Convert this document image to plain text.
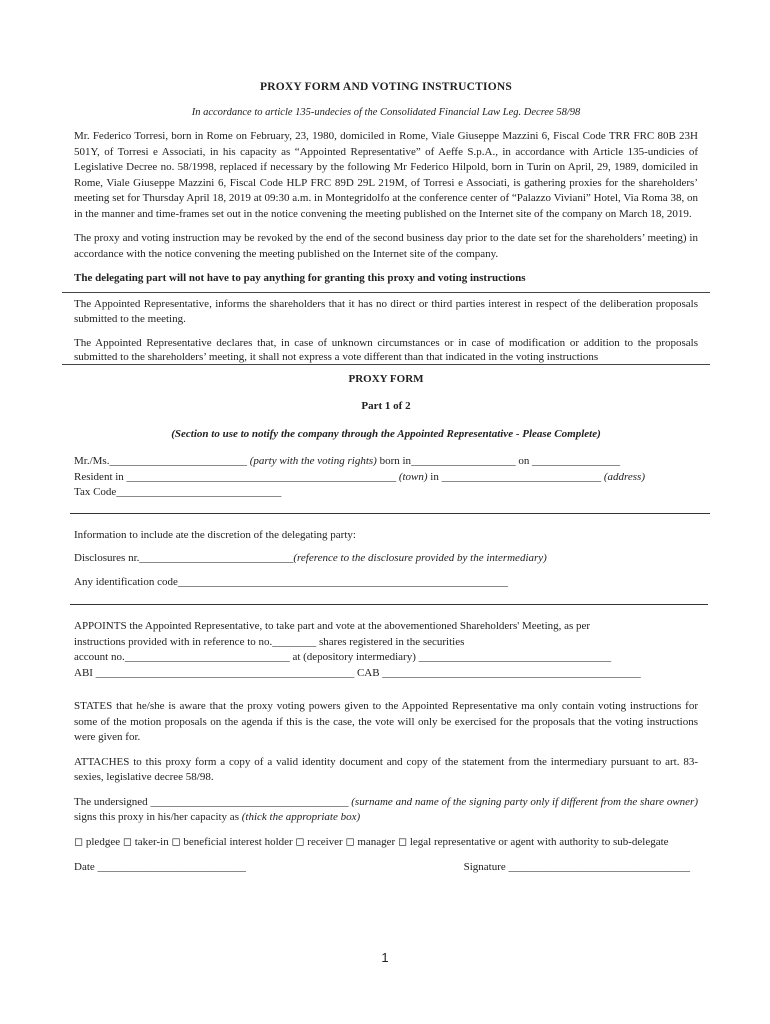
PROXY FORM AND VOTING INSTRUCTIONS
In accordance to article 135-undecies of the Consolidated Financial Law Leg. Decree 58/98

Mr. Federico Torresi, born in Rome on February, 23, 1980, domiciled in Rome, Viale Giuseppe Mazzini 6, Fiscal Code TRR FRC 80B 23H 501Y, of Torresi e Associati, in his capacity as “Appointed Representative” of Aeffe S.p.A., in accordance with Article 135-undicies of Legislative Decree no. 58/1998, replaced if necessary by the following Mr Federico Hilpold, born in Turin on April, 29, 1989, domiciled in Rome, Viale Giuseppe Mazzini 6, Fiscal Code HLP FRC 89D 29L 219M, of Torresi e Associati, is gathering proxies for the shareholders’ meeting set for Thursday April 18, 2019 at 09:30 a.m. in Montegridolfo at the conference center of “Palazzo Viviani” Hotel, Via Roma 38, on in the manner and time-frames set out in the notice convening the meeting published on the Internet site of the company on March 18, 2019.

The proxy and voting instruction may be revoked by the end of the second business day prior to the date set for the shareholders’ meeting) in accordance with the notice convening the meeting published on the Internet site of the company.

The delegating part will not have to pay anything for granting this proxy and voting instructions

The Appointed Representative, informs the shareholders that it has no direct or third parties interest in respect of the deliberation proposals submitted to the meeting.

The Appointed Representative declares that, in case of unknown circumstances or in case of modification or addition to the proposals submitted to the shareholders’ meeting, it shall not express a vote different than that indicated in the voting instructions

PROXY FORM
Part 1 of 2
(Section to use to notify the company through the Appointed Representative - Please Complete)
Mr./Ms._________________________ (party with the voting rights) born in___________________ on ________________
Resident in _________________________________________________ (town) in _____________________________ (address)
Tax Code______________________________
Information to include ate the discretion of the delegating party:
Disclosures nr.____________________________(reference to the disclosure provided by the intermediary)
Any identification code____________________________________________________________
APPOINTS the Appointed Representative, to take part and vote at the abovementioned Shareholders' Meeting, as per
instructions provided with in reference to no.________ shares registered in the securities
account no.______________________________ at (depository intermediary) ___________________________________
ABI _______________________________________________ CAB _______________________________________________

STATES that he/she is aware that the proxy voting powers given to the Appointed Representative ma only contain voting instructions for some of the motion proposals on the agenda if this is the case, the vote will only be exercised for the proposals that the voting instructions were given for.

ATTACHES to this proxy form a copy of a valid identity document and copy of the statement from the intermediary pursuant to art. 83-sexies, legislative decree 58/98.

The undersigned ____________________________________ (surname and name of the signing party only if different from the share owner) signs this proxy in his/her capacity as (thick the appropriate box)

◻ pledgee ◻ taker-in ◻ beneficial interest holder ◻ receiver ◻ manager ◻ legal representative or agent with authority to sub-delegate

Date ___________________________	Signature _________________________________
1
